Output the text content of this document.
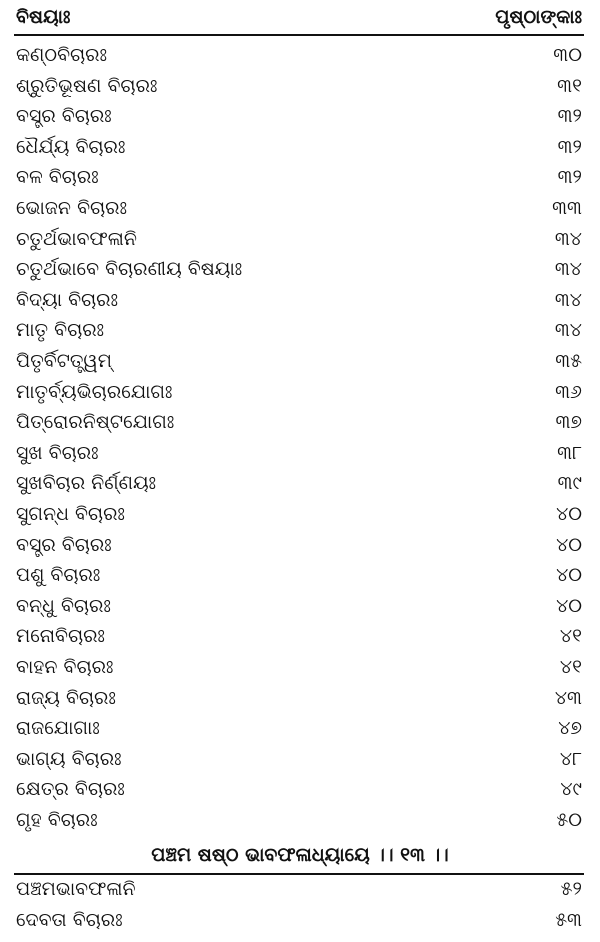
ବିଷୟାଃ	ପୃଷ୍ଠାଙ୍କାଃ
କଣ୍ଠବିଚାରଃ	୩୦
ଶ୍ରୁତିଭୂଷଣ ବିଚାରଃ	୩୧
ବସ୍ତ୍ର ବିଚାରଃ	୩୨
ଧୈର୍ଯ୍ୟ ବିଚାରଃ	୩୨
ବଳ ବିଚାରଃ	୩୨
ଭୋଜନ ବିଚାରଃ	୩୩
ଚତୁର୍ଥଭାବଫଳାନି	୩୪
ଚତୁର୍ଥଭାବେ ବିଚାରଣୀୟ ବିଷୟାଃ	୩୪
ବିଦ୍ୟା ବିଚାରଃ	୩୪
ମାତୃ ବିଚାରଃ	୩୪
ପିତୃର୍ବିଟତ୍ତ୍ୱମ୍	୩୫
ମାତୃର୍ବ୍ୟଭିଚାରଯୋଗଃ	୩୬
ପିତ୍ରୋରନିଷ୍ଟଯୋଗଃ	୩୭
ସୁଖ ବିଚାରଃ	୩୮
ସୁଖବିଚାର ନିର୍ଣ୍ଣୟଃ	୩୯
ସୁଗନ୍ଧ ବିଚାରଃ	୪୦
ବସ୍ତ୍ର ବିଚାରଃ	୪୦
ପଶୁ ବିଚାରଃ	୪୦
ବନ୍ଧୁ ବିଚାରଃ	୪୦
ମନୋବିଚାରଃ	୪୧
ବାହନ ବିଚାରଃ	୪୧
ରାଜ୍ୟ ବିଚାରଃ	୪୩
ରାଜଯୋଗାଃ	୪୭
ଭାଗ୍ୟ ବିଚାରଃ	୪୮
କ୍ଷେତ୍ର ବିଚାରଃ	୪୯
ଗୃହ ବିଚାରଃ	୫୦
ପଞ୍ଚମ ଷଷ୍ଠ ଭାବଫଳାଧ୍ୟାୟେ ।। ୧୩ ।।
ପଞ୍ଚମଭାବଫଳାନି	୫୨
ଦେବତା ବିଚାରଃ	୫୩
